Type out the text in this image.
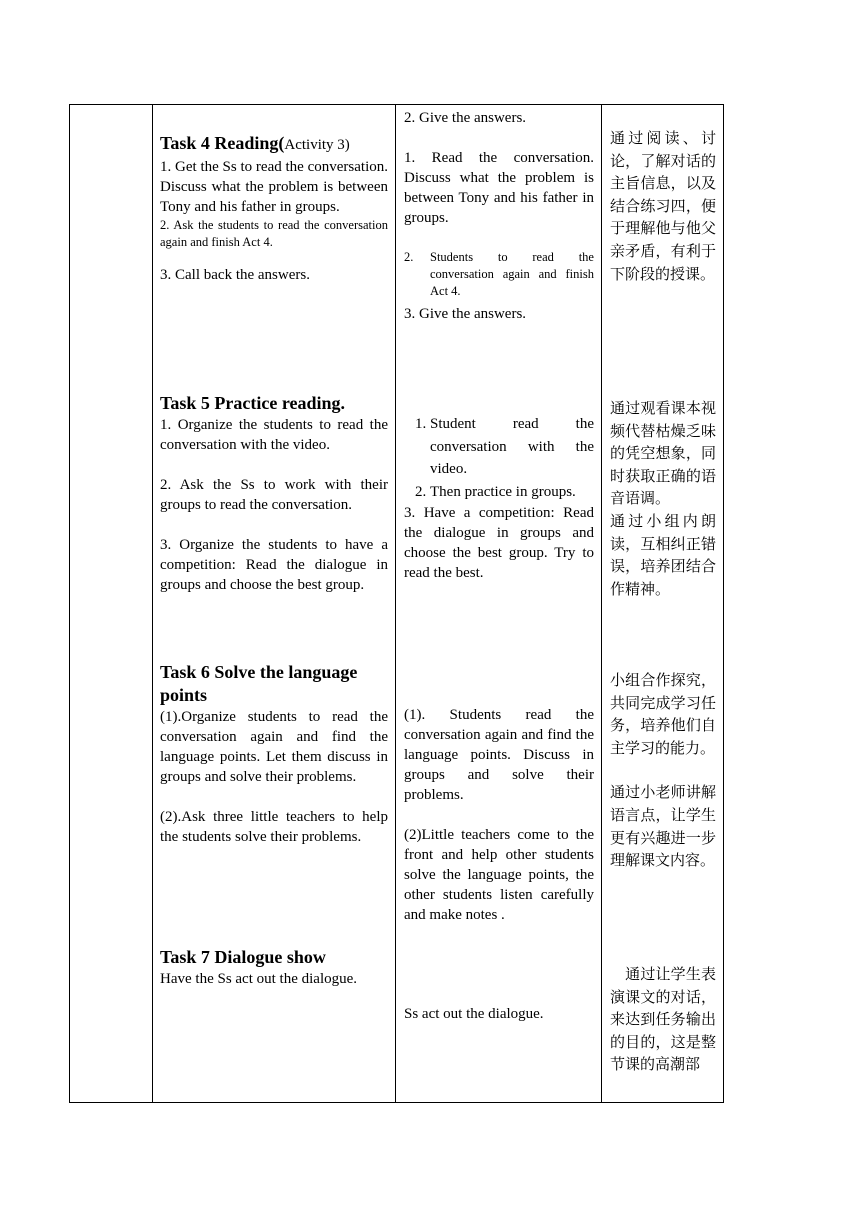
Task 4 Reading(Activity 3)

1. Get the Ss to read the conversation. Discuss what the problem is between Tony and his father in groups.

2. Ask the students to read the conversation again and finish Act 4.

3. Call back the answers.

Task 5 Practice reading.

1. Organize the students to read the conversation with the video.

2. Ask the Ss to work with their groups to read the conversation.

3. Organize the students to have a competition: Read the dialogue in groups and choose the best group.

Task 6 Solve the language points

(1).Organize students to read the conversation again and find the language points. Let them discuss in groups and solve their problems.

(2).Ask three little teachers to help the students solve their problems.

Task 7 Dialogue show

Have the Ss act out the dialogue.

2. Give the answers.

1. Read the conversation. Discuss what the problem is between Tony and his father in groups.

2. Students to read the conversation again and finish Act 4.

3. Give the answers.

1. Student read the conversation with the video.
2. Then practice in groups.

3. Have a competition: Read the dialogue in groups and choose the best group. Try to read the best.

(1). Students read the conversation again and find the language points. Discuss in groups and solve their problems.

(2)Little teachers come to the front and help other students solve the language points, the other students listen carefully and make notes .

Ss act out the dialogue.

通过阅读、讨论，了解对话的主旨信息，以及结合练习四，便于理解他与他父亲矛盾，有利于下阶段的授课。

通过观看课本视频代替枯燥乏味的凭空想象，同时获取正确的语音语调。

通过小组内朗读，互相纠正错误，培养团结合作精神。

小组合作探究，共同完成学习任务，培养他们自主学习的能力。

通过小老师讲解语言点，让学生更有兴趣进一步理解课文内容。

　通过让学生表演课文的对话，来达到任务输出的目的，这是整节课的高潮部
